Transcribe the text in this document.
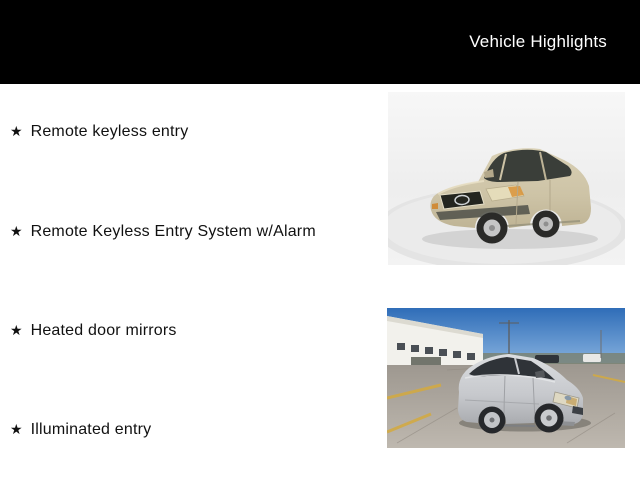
Vehicle Highlights
★ Remote keyless entry
★ Remote Keyless Entry System w/Alarm
★ Heated door mirrors
★ Illuminated entry
